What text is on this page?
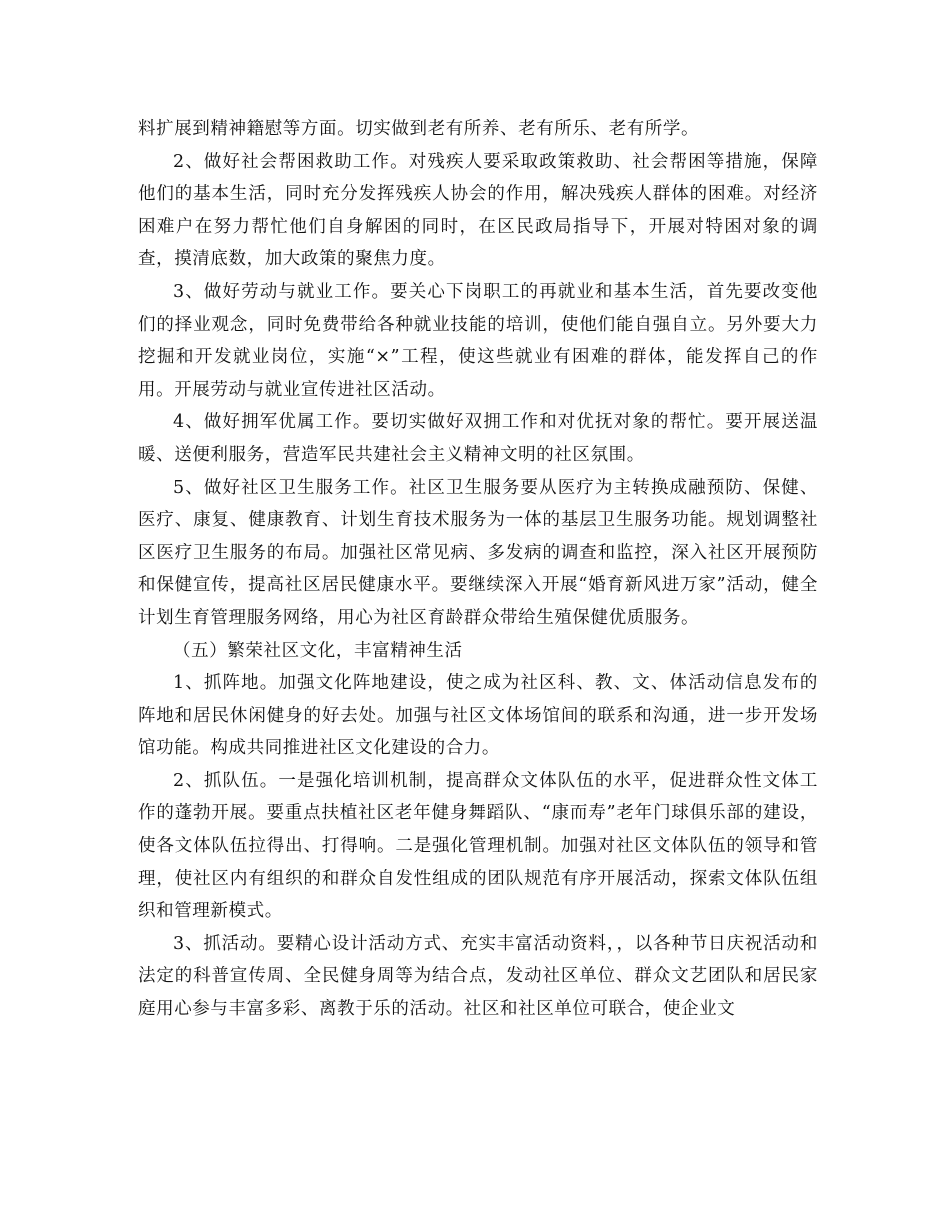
料扩展到精神籍慰等方面。切实做到老有所养、老有所乐、老有所学。

2、做好社会帮困救助工作。对残疾人要采取政策救助、社会帮困等措施，保障他们的基本生活，同时充分发挥残疾人协会的作用，解决残疾人群体的困难。对经济困难户在努力帮忙他们自身解困的同时，在区民政局指导下，开展对特困对象的调查，摸清底数，加大政策的聚焦力度。

3、做好劳动与就业工作。要关心下岗职工的再就业和基本生活，首先要改变他们的择业观念，同时免费带给各种就业技能的培训，使他们能自强自立。另外要大力挖掘和开发就业岗位，实施“×”工程，使这些就业有困难的群体，能发挥自己的作用。开展劳动与就业宣传进社区活动。

4、做好拥军优属工作。要切实做好双拥工作和对优抚对象的帮忙。要开展送温暖、送便利服务，营造军民共建社会主义精神文明的社区氛围。

5、做好社区卫生服务工作。社区卫生服务要从医疗为主转换成融预防、保健、医疗、康复、健康教育、计划生育技术服务为一体的基层卫生服务功能。规划调整社区医疗卫生服务的布局。加强社区常见病、多发病的调查和监控，深入社区开展预防和保健宣传，提高社区居民健康水平。要继续深入开展“婚育新风进万家”活动，健全计划生育管理服务网络，用心为社区育龄群众带给生殖保健优质服务。

（五）繁荣社区文化，丰富精神生活

1、抓阵地。加强文化阵地建设，使之成为社区科、教、文、体活动信息发布的阵地和居民休闲健身的好去处。加强与社区文体场馆间的联系和沟通，进一步开发场馆功能。构成共同推进社区文化建设的合力。

2、抓队伍。一是强化培训机制，提高群众文体队伍的水平，促进群众性文体工作的蓬勃开展。要重点扶植社区老年健身舞蹈队、“康而寿”老年门球俱乐部的建设，使各文体队伍拉得出、打得响。二是强化管理机制。加强对社区文体队伍的领导和管理，使社区内有组织的和群众自发性组成的团队规范有序开展活动，探索文体队伍组织和管理新模式。

3、抓活动。要精心设计活动方式、充实丰富活动资料，，以各种节日庆祝活动和法定的科普宣传周、全民健身周等为结合点，发动社区单位、群众文艺团队和居民家庭用心参与丰富多彩、离教于乐的活动。社区和社区单位可联合，使企业文
